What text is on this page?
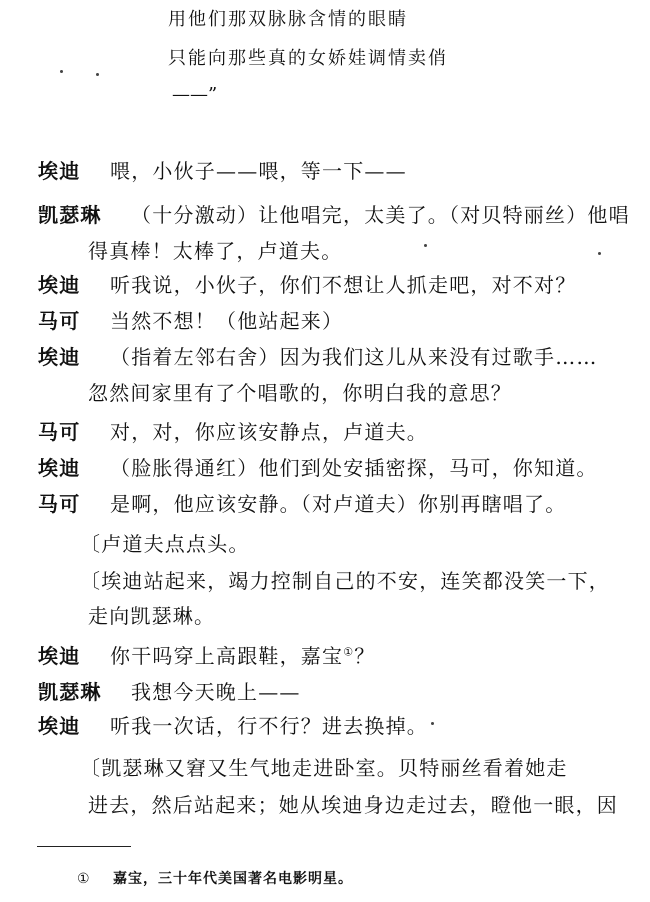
用他们那双脉脉含情的眼睛
只能向那些真的女娇娃调情卖俏
——”
埃迪 喂，小伙子——喂，等一下——
凯瑟琳 （十分激动）让他唱完，太美了。（对贝特丽丝）他唱
得真棒！太棒了，卢道夫。
埃迪 听我说，小伙子，你们不想让人抓走吧，对不对？
马可 当然不想！（他站起来）
埃迪 （指着左邻右舍）因为我们这儿从来没有过歌手……
忽然间家里有了个唱歌的，你明白我的意思？
马可 对，对，你应该安静点，卢道夫。
埃迪 （脸胀得通红）他们到处安插密探，马可，你知道。
马可 是啊，他应该安静。（对卢道夫）你别再瞎唱了。
〔卢道夫点点头。
〔埃迪站起来，竭力控制自己的不安，连笑都没笑一下，
走向凯瑟琳。
埃迪 你干吗穿上高跟鞋，嘉宝①？
凯瑟琳 我想今天晚上——
埃迪 听我一次话，行不行？进去换掉。
〔凯瑟琳又窘又生气地走进卧室。贝特丽丝看着她走
进去，然后站起来；她从埃迪身边走过去，瞪他一眼，因
① 嘉宝，三十年代美国著名电影明星。
